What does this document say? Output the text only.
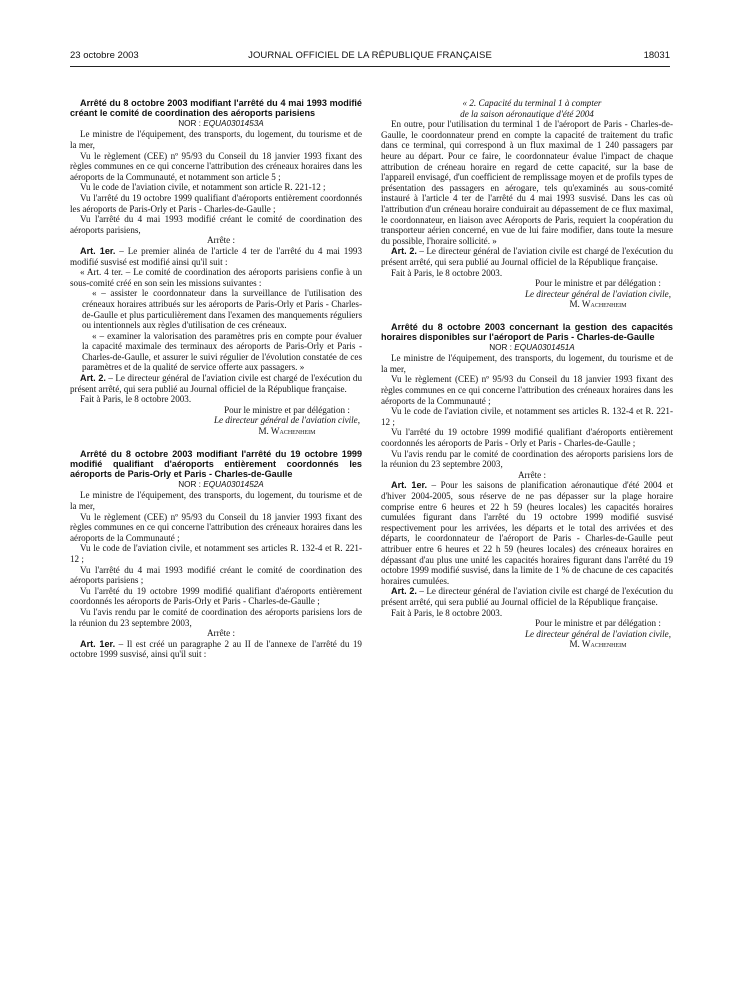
23 octobre 2003	JOURNAL OFFICIEL DE LA RÉPUBLIQUE FRANÇAISE	18031

Arrêté du 8 octobre 2003 modifiant l'arrêté du 4 mai 1993 modifié créant le comité de coordination des aéroports parisiens

NOR : EQUA0301453A

Le ministre de l'équipement, des transports, du logement, du tourisme et de la mer,

Vu le règlement (CEE) nº 95/93 du Conseil du 18 janvier 1993 fixant des règles communes en ce qui concerne l'attribution des créneaux horaires dans les aéroports de la Communauté, et notamment son article 5 ;

Vu le code de l'aviation civile, et notamment son article R. 221-12 ;

Vu l'arrêté du 19 octobre 1999 qualifiant d'aéroports entièrement coordonnés les aéroports de Paris-Orly et Paris - Charles-de-Gaulle ;

Vu l'arrêté du 4 mai 1993 modifié créant le comité de coordination des aéroports parisiens,

Arrête :

Art. 1er. – Le premier alinéa de l'article 4 ter de l'arrêté du 4 mai 1993 modifié susvisé est modifié ainsi qu'il suit :

« Art. 4 ter. – Le comité de coordination des aéroports parisiens confie à un sous-comité créé en son sein les missions suivantes :

« – assister le coordonnateur dans la surveillance de l'utilisation des créneaux horaires attribués sur les aéroports de Paris-Orly et Paris - Charles-de-Gaulle et plus particulièrement dans l'examen des manquements réguliers ou intentionnels aux règles d'utilisation de ces créneaux.

« – examiner la valorisation des paramètres pris en compte pour évaluer la capacité maximale des terminaux des aéroports de Paris-Orly et Paris - Charles-de-Gaulle, et assurer le suivi régulier de l'évolution constatée de ces paramètres et de la qualité de service offerte aux passagers. »

Art. 2. – Le directeur général de l'aviation civile est chargé de l'exécution du présent arrêté, qui sera publié au Journal officiel de la République française.

Fait à Paris, le 8 octobre 2003.

Pour le ministre et par délégation :
Le directeur général de l'aviation civile,
M. Wachenheim

Arrêté du 8 octobre 2003 modifiant l'arrêté du 19 octobre 1999 modifié qualifiant d'aéroports entièrement coordonnés les aéroports de Paris-Orly et Paris - Charles-de-Gaulle

NOR : EQUA0301452A

Le ministre de l'équipement, des transports, du logement, du tourisme et de la mer,

Vu le règlement (CEE) nº 95/93 du Conseil du 18 janvier 1993 fixant des règles communes en ce qui concerne l'attribution des créneaux horaires dans les aéroports de la Communauté ;

Vu le code de l'aviation civile, et notamment ses articles R. 132-4 et R. 221-12 ;

Vu l'arrêté du 4 mai 1993 modifié créant le comité de coordination des aéroports parisiens ;

Vu l'arrêté du 19 octobre 1999 modifié qualifiant d'aéroports entièrement coordonnés les aéroports de Paris-Orly et Paris - Charles-de-Gaulle ;

Vu l'avis rendu par le comité de coordination des aéroports parisiens lors de la réunion du 23 septembre 2003,

Arrête :

Art. 1er. – Il est créé un paragraphe 2 au II de l'annexe de l'arrêté du 19 octobre 1999 susvisé, ainsi qu'il suit :

« 2. Capacité du terminal 1 à compter
de la saison aéronautique d'été 2004

En outre, pour l'utilisation du terminal 1 de l'aéroport de Paris - Charles-de-Gaulle, le coordonnateur prend en compte la capacité de traitement du trafic dans ce terminal, qui correspond à un flux maximal de 1 240 passagers par heure au départ. Pour ce faire, le coordonnateur évalue l'impact de chaque attribution de créneau horaire en regard de cette capacité, sur la base de l'appareil envisagé, d'un coefficient de remplissage moyen et de profils types de présentation des passagers en aérogare, tels qu'examinés au sous-comité instauré à l'article 4 ter de l'arrêté du 4 mai 1993 susvisé. Dans les cas où l'attribution d'un créneau horaire conduirait au dépassement de ce flux maximal, le coordonnateur, en liaison avec Aéroports de Paris, requiert la coopération du transporteur aérien concerné, en vue de lui faire modifier, dans toute la mesure du possible, l'horaire sollicité. »

Art. 2. – Le directeur général de l'aviation civile est chargé de l'exécution du présent arrêté, qui sera publié au Journal officiel de la République française.

Fait à Paris, le 8 octobre 2003.

Pour le ministre et par délégation :
Le directeur général de l'aviation civile,
M. Wachenheim

Arrêté du 8 octobre 2003 concernant la gestion des capacités horaires disponibles sur l'aéroport de Paris - Charles-de-Gaulle

NOR : EQUA0301451A

Le ministre de l'équipement, des transports, du logement, du tourisme et de la mer,

Vu le règlement (CEE) nº 95/93 du Conseil du 18 janvier 1993 fixant des règles communes en ce qui concerne l'attribution des créneaux horaires dans les aéroports de la Communauté ;

Vu le code de l'aviation civile, et notamment ses articles R. 132-4 et R. 221-12 ;

Vu l'arrêté du 19 octobre 1999 modifié qualifiant d'aéroports entièrement coordonnés les aéroports de Paris - Orly et Paris - Charles-de-Gaulle ;

Vu l'avis rendu par le comité de coordination des aéroports parisiens lors de la réunion du 23 septembre 2003,

Arrête :

Art. 1er. – Pour les saisons de planification aéronautique d'été 2004 et d'hiver 2004-2005, sous réserve de ne pas dépasser sur la plage horaire comprise entre 6 heures et 22 h 59 (heures locales) les capacités horaires cumulées figurant dans l'arrêté du 19 octobre 1999 modifié susvisé respectivement pour les arrivées, les départs et le total des arrivées et des départs, le coordonnateur de l'aéroport de Paris - Charles-de-Gaulle peut attribuer entre 6 heures et 22 h 59 (heures locales) des créneaux horaires en dépassant d'au plus une unité les capacités horaires figurant dans l'arrêté du 19 octobre 1999 modifié susvisé, dans la limite de 1 % de chacune de ces capacités horaires cumulées.

Art. 2. – Le directeur général de l'aviation civile est chargé de l'exécution du présent arrêté, qui sera publié au Journal officiel de la République française.

Fait à Paris, le 8 octobre 2003.

Pour le ministre et par délégation :
Le directeur général de l'aviation civile,
M. Wachenheim
